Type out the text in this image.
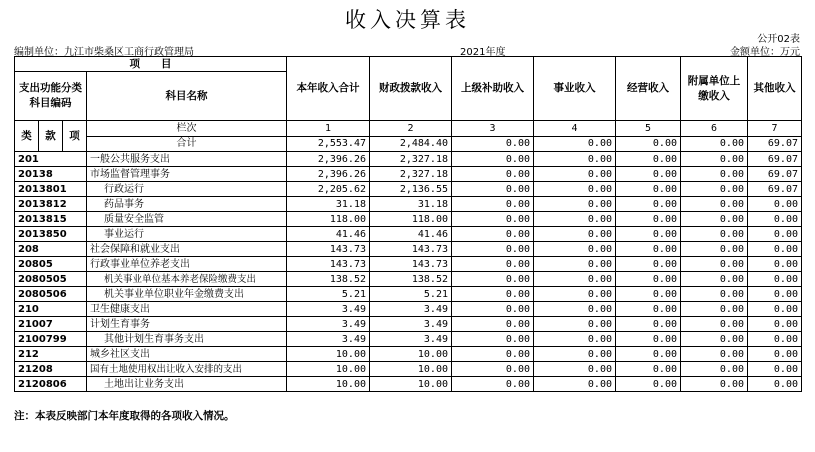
收入决算表
公开02表
编制单位：九江市柴桑区工商行政管理局	2021年度	金额单位：万元
项　　目				本年收入合计	财政拨款收入	上级补助收入	事业收入	经营收入	附属单位上缴收入	其他收入
支出功能分类科目编码			科目名称							
类	款	项								
			栏次	1	2	3	4	5	6	7
			合计	2,553.47	2,484.40	0.00	0.00	0.00	0.00	69.07
201			一般公共服务支出	2,396.26	2,327.18	0.00	0.00	0.00	0.00	69.07
20138			市场监督管理事务	2,396.26	2,327.18	0.00	0.00	0.00	0.00	69.07
2013801			行政运行	2,205.62	2,136.55	0.00	0.00	0.00	0.00	69.07
2013812			药品事务	31.18	31.18	0.00	0.00	0.00	0.00	0.00
2013815			质量安全监管	118.00	118.00	0.00	0.00	0.00	0.00	0.00
2013850			事业运行	41.46	41.46	0.00	0.00	0.00	0.00	0.00
208			社会保障和就业支出	143.73	143.73	0.00	0.00	0.00	0.00	0.00
20805			行政事业单位养老支出	143.73	143.73	0.00	0.00	0.00	0.00	0.00
2080505			机关事业单位基本养老保险缴费支出	138.52	138.52	0.00	0.00	0.00	0.00	0.00
2080506			机关事业单位职业年金缴费支出	5.21	5.21	0.00	0.00	0.00	0.00	0.00
210			卫生健康支出	3.49	3.49	0.00	0.00	0.00	0.00	0.00
21007			计划生育事务	3.49	3.49	0.00	0.00	0.00	0.00	0.00
2100799			其他计划生育事务支出	3.49	3.49	0.00	0.00	0.00	0.00	0.00
212			城乡社区支出	10.00	10.00	0.00	0.00	0.00	0.00	0.00
21208			国有土地使用权出让收入安排的支出	10.00	10.00	0.00	0.00	0.00	0.00	0.00
2120806			土地出让业务支出	10.00	10.00	0.00	0.00	0.00	0.00	0.00
注：本表反映部门本年度取得的各项收入情况。
